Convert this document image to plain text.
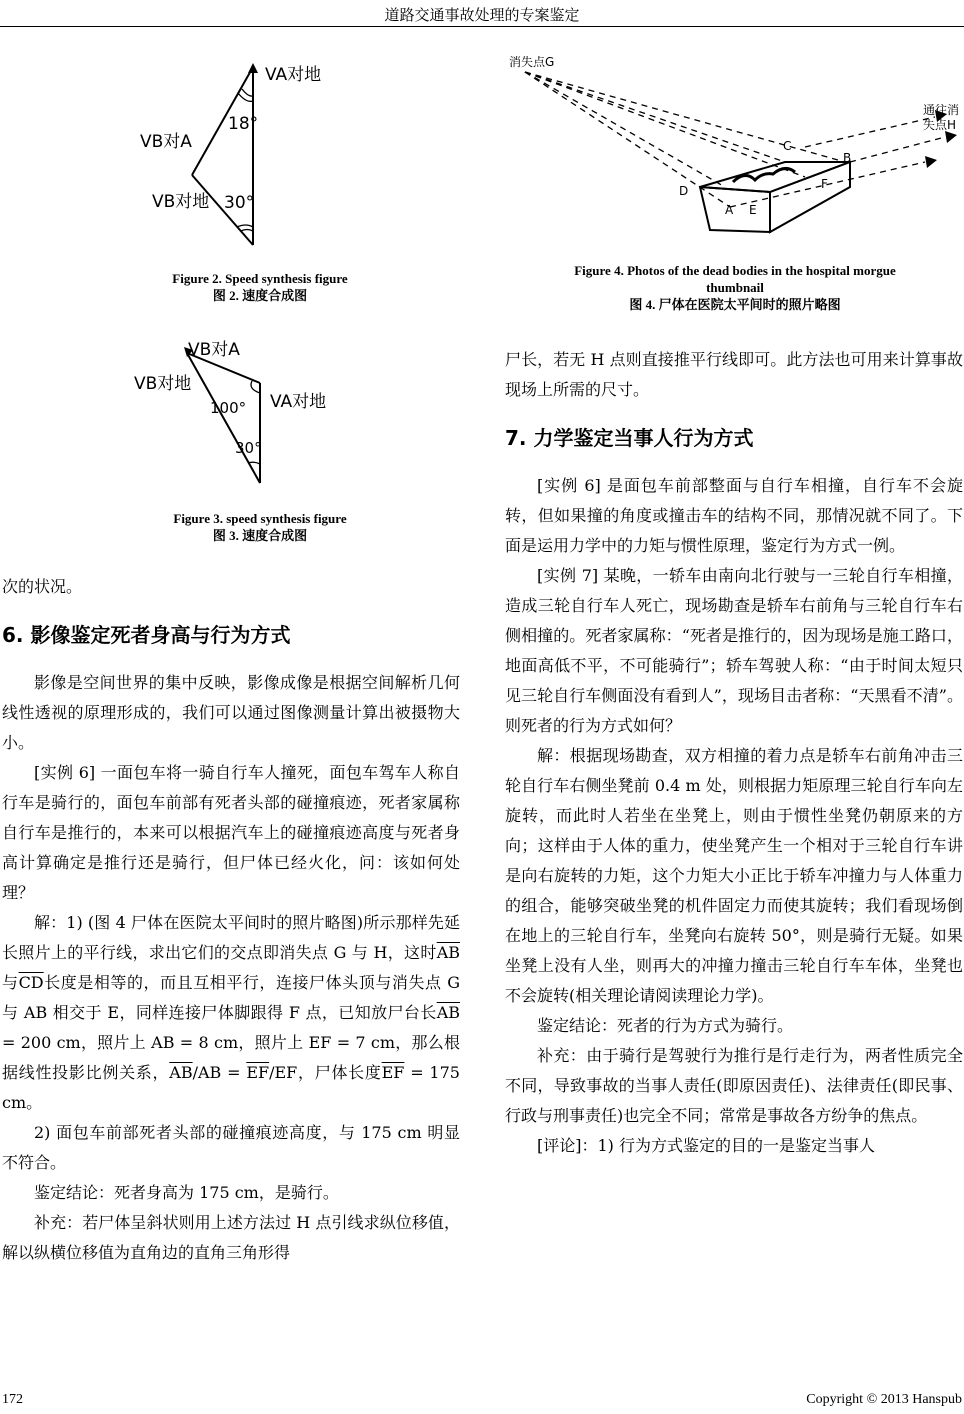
道路交通事故处理的专案鉴定
VA对地
VB对A
VB对地
18°
30°
Figure 2. Speed synthesis figure
图 2. 速度合成图
VB对A
VB对地
VA对地
100°
30°
Figure 3. speed synthesis figure
图 3. 速度合成图
消失点G
通往消
失点H
C
B
D	F
A E
Figure 4. Photos of the dead bodies in the hospital morgue
thumbnail
图 4. 尸体在医院太平间时的照片略图

次的状况。

6. 影像鉴定死者身高与行为方式

影像是空间世界的集中反映，影像成像是根据空间解析几何线性透视的原理形成的，我们可以通过图像测量计算出被摄物大小。

[实例 6] 一面包车将一骑自行车人撞死，面包车驾车人称自行车是骑行的，面包车前部有死者头部的碰撞痕迹，死者家属称自行车是推行的，本来可以根据汽车上的碰撞痕迹高度与死者身高计算确定是推行还是骑行，但尸体已经火化，问：该如何处理？

解：1) (图 4 尸体在医院太平间时的照片略图)所示那样先延长照片上的平行线，求出它们的交点即消失点 G 与 H，这时$\overline{AB}$与$\overline{CD}$长度是相等的，而且互相平行，连接尸体头顶与消失点 G 与 AB 相交于 E，同样连接尸体脚跟得 F 点，已知放尸台长$\overline{AB} = 200$ cm，照片上 AB = 8 cm，照片上 EF = 7 cm，那么根据线性投影比例关系，$\overline{AB}/AB = \overline{EF}/EF$，尸体长度$\overline{EF} = 175$ cm。

2) 面包车前部死者头部的碰撞痕迹高度，与 175 cm 明显不符合。

鉴定结论：死者身高为 175 cm，是骑行。

补充：若尸体呈斜状则用上述方法过 H 点引线求纵位移值，解以纵横位移值为直角边的直角三角形得

尸长，若无 H 点则直接推平行线即可。此方法也可用来计算事故现场上所需的尺寸。

7. 力学鉴定当事人行为方式

[实例 6] 是面包车前部整面与自行车相撞，自行车不会旋转，但如果撞的角度或撞击车的结构不同，那情况就不同了。下面是运用力学中的力矩与惯性原理，鉴定行为方式一例。

[实例 7] 某晚，一轿车由南向北行驶与一三轮自行车相撞，造成三轮自行车人死亡，现场勘查是轿车右前角与三轮自行车右侧相撞的。死者家属称：“死者是推行的，因为现场是施工路口，地面高低不平，不可能骑行”；轿车驾驶人称：“由于时间太短只见三轮自行车侧面没有看到人”，现场目击者称：“天黑看不清”。则死者的行为方式如何？

解：根据现场勘查，双方相撞的着力点是轿车右前角冲击三轮自行车右侧坐凳前 0.4 m 处，则根据力矩原理三轮自行车向左旋转，而此时人若坐在坐凳上，则由于惯性坐凳仍朝原来的方向；这样由于人体的重力，使坐凳产生一个相对于三轮自行车讲是向右旋转的力矩，这个力矩大小正比于轿车冲撞力与人体重力的组合，能够突破坐凳的机件固定力而使其旋转；我们看现场倒在地上的三轮自行车，坐凳向右旋转 50°，则是骑行无疑。如果坐凳上没有人坐，则再大的冲撞力撞击三轮自行车车体，坐凳也不会旋转(相关理论请阅读理论力学)。

鉴定结论：死者的行为方式为骑行。

补充：由于骑行是驾驶行为推行是行走行为，两者性质完全不同，导致事故的当事人责任(即原因责任)、法律责任(即民事、行政与刑事责任)也完全不同；常常是事故各方纷争的焦点。

[评论]：1) 行为方式鉴定的目的一是鉴定当事人

172	Copyright © 2013 Hanspub
